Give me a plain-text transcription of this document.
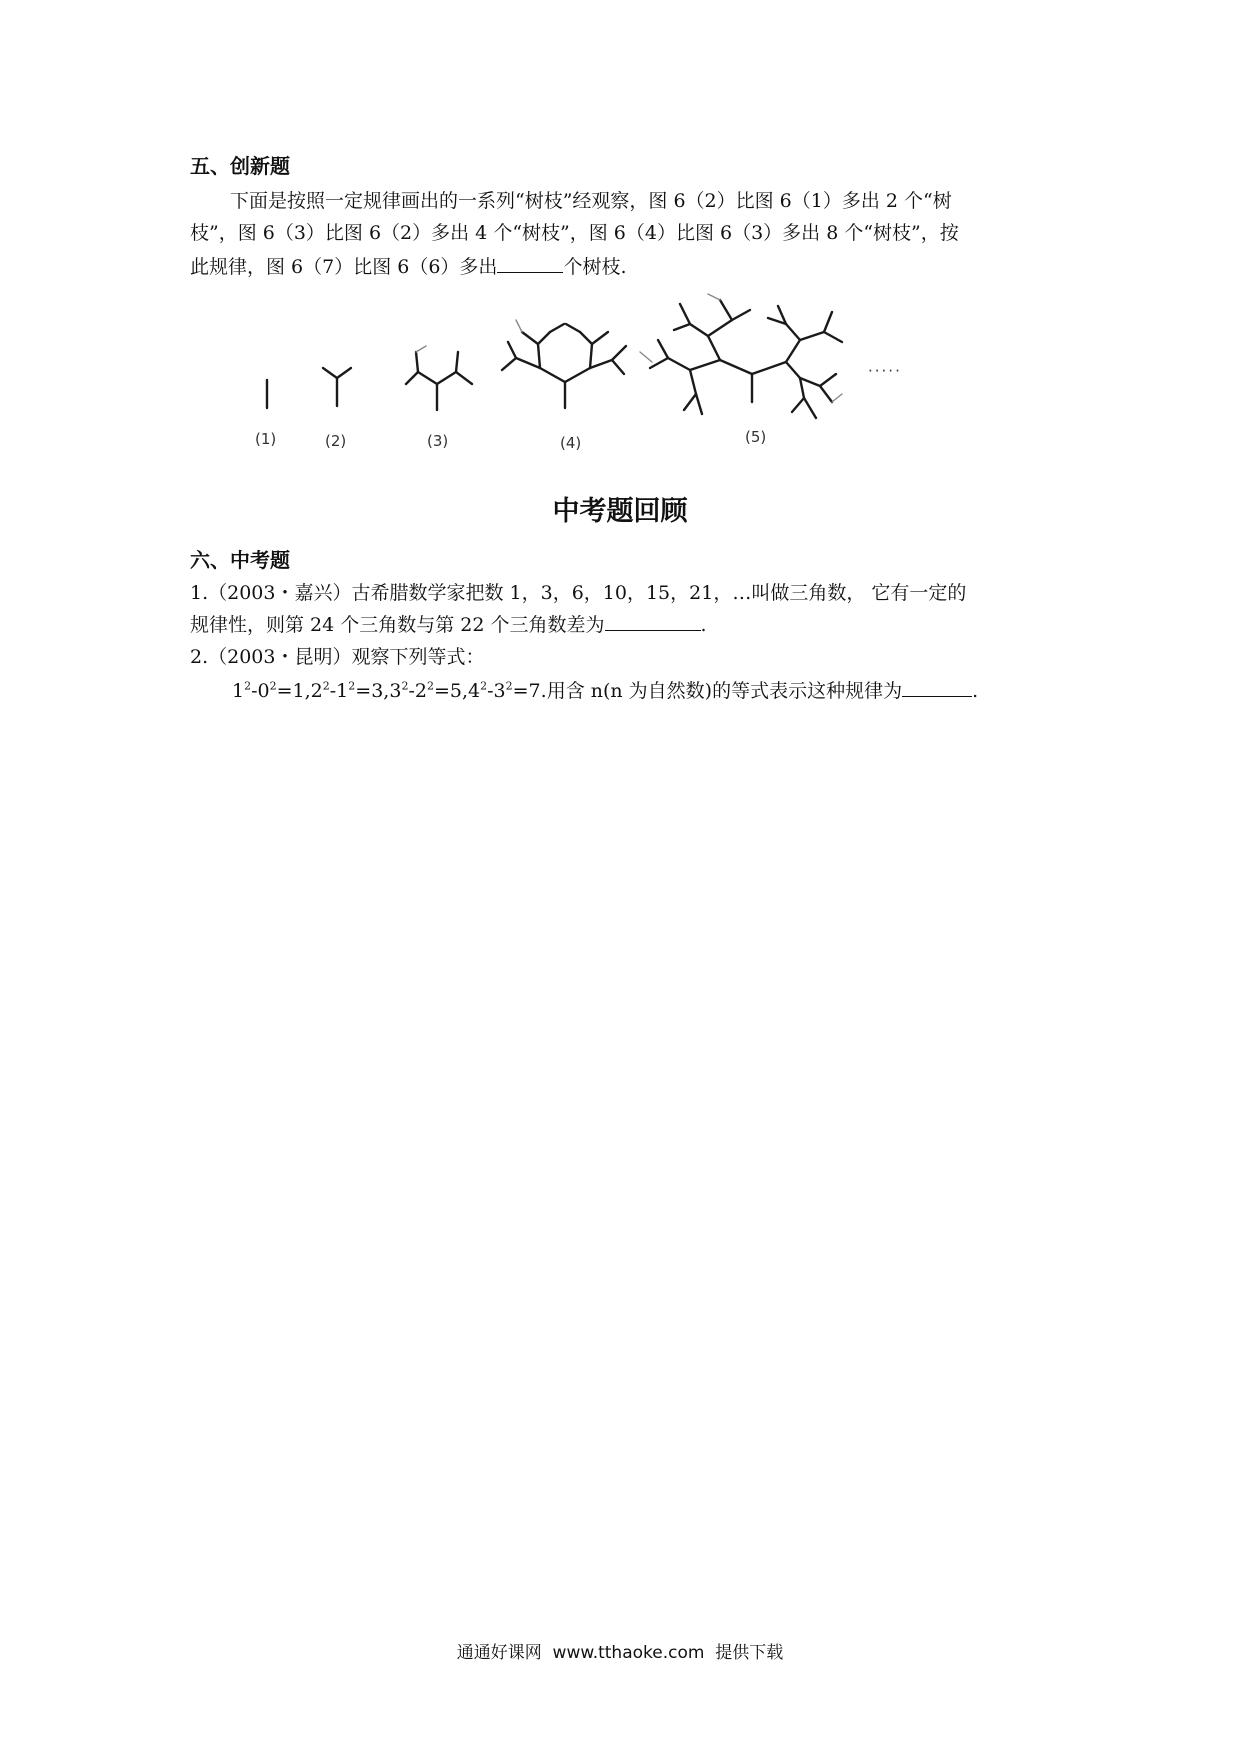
五、创新题
下面是按照一定规律画出的一系列“树枝”经观察，图 6（2）比图 6（1）多出 2 个“树
枝”，图 6（3）比图 6（2）多出 4 个“树枝”，图 6（4）比图 6（3）多出 8 个“树枝”，按
此规律，图 6（7）比图 6（6）多出	个树枝.
(1)	(2)	(3)	(4)	(5)
·····
中考题回顾
六、中考题
1.（2003・嘉兴）古希腊数学家把数 1，3，6，10，15，21，…叫做三角数， 它有一定的
规律性，则第 24 个三角数与第 22 个三角数差为	.
2.（2003・昆明）观察下列等式：
$1^2-0^2=1,2^2-1^2=3,3^2-2^2=5,4^2-3^2=7$.用含 n(n 为自然数)的等式表示这种规律为	.
通通好课网  www.tthaoke.com  提供下载
